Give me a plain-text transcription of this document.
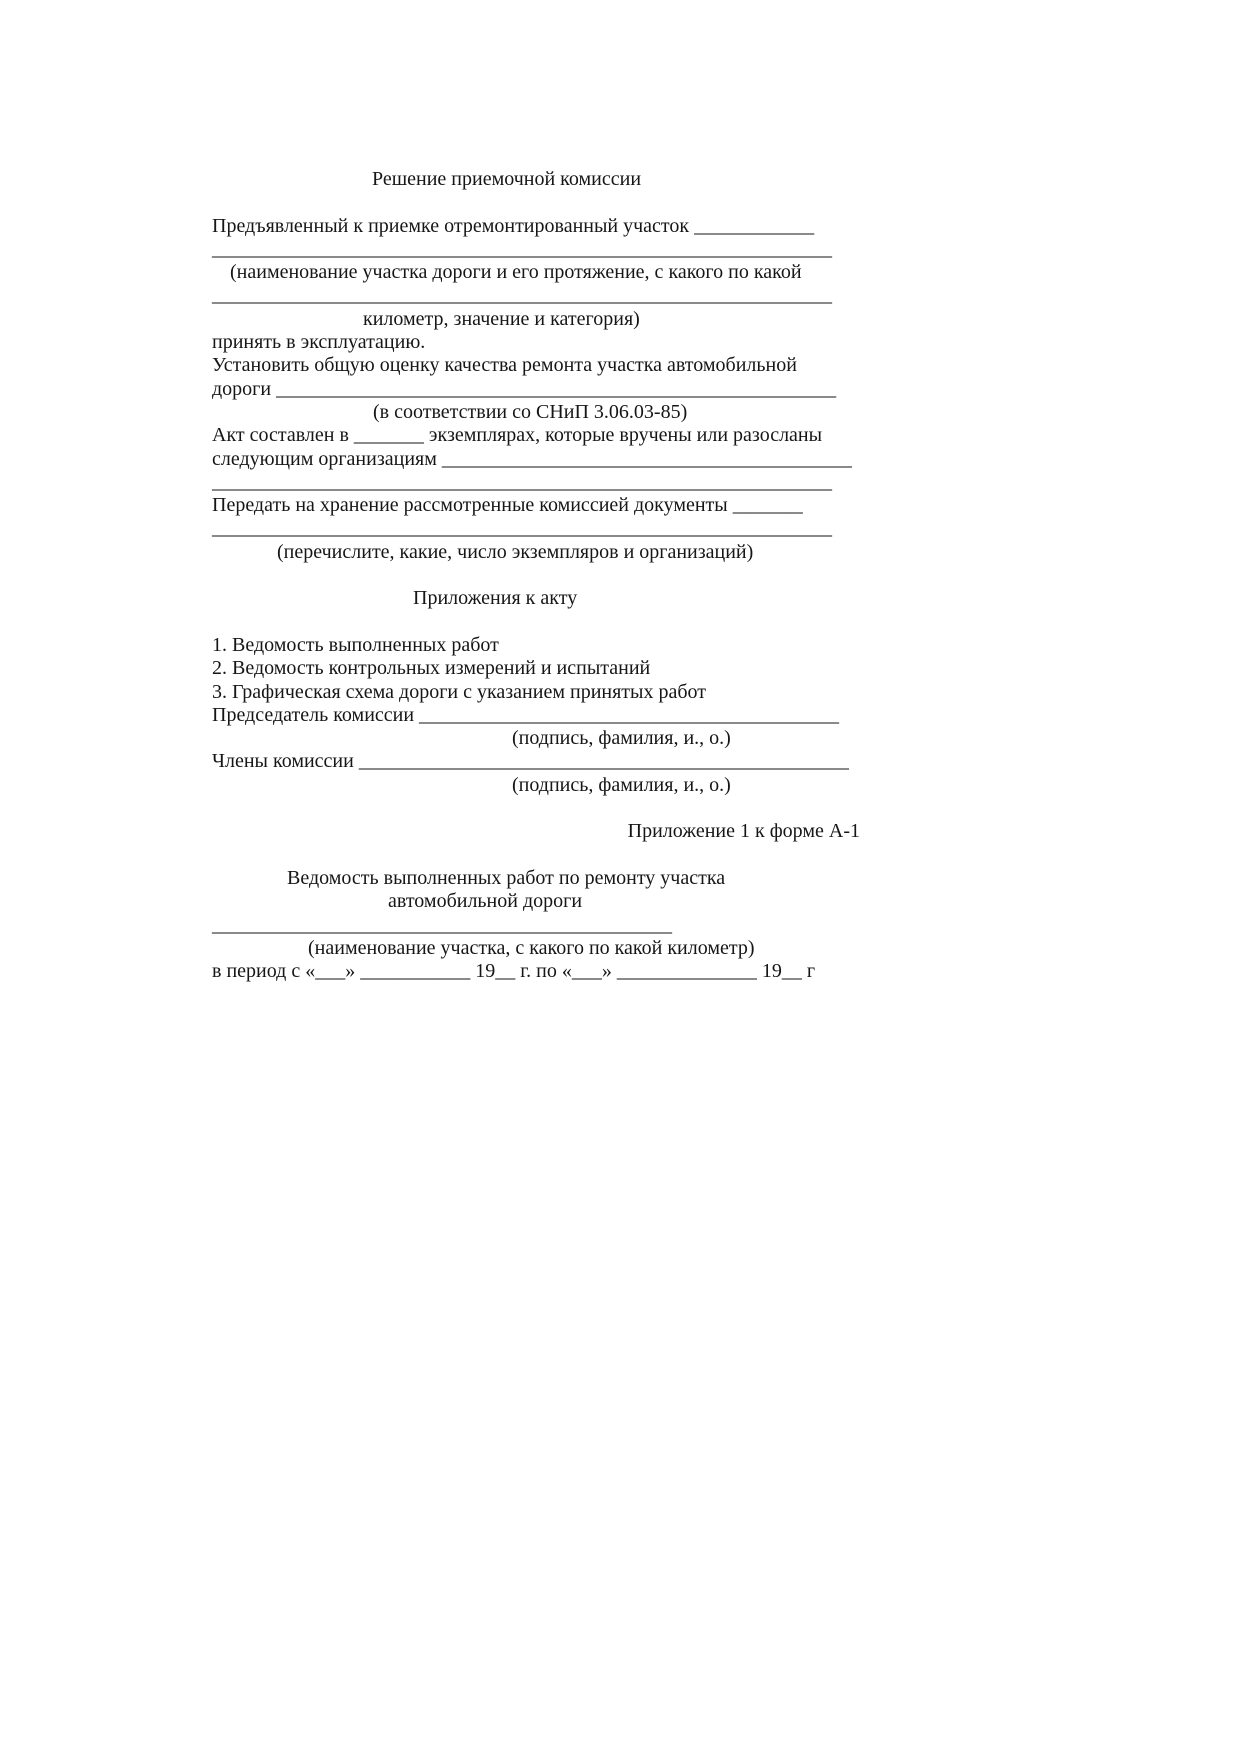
Решение приемочной комиссии
Предъявленный к приемке отремонтированный участок ____________
______________________________________________________________
(наименование участка дороги и его протяжение, с какого по какой
______________________________________________________________
километр, значение и категория)
принять в эксплуатацию.
Установить общую оценку качества ремонта участка автомобильной
дороги ________________________________________________________
(в соответствии со СНиП 3.06.03-85)
Акт составлен в _______ экземплярах, которые вручены или разосланы
следующим организациям _________________________________________
______________________________________________________________
Передать на хранение рассмотренные комиссией документы _______
______________________________________________________________
(перечислите, какие, число экземпляров и организаций)
Приложения к акту
1. Ведомость выполненных работ
2. Ведомость контрольных измерений и испытаний
3. Графическая схема дороги с указанием принятых работ
Председатель комиссии __________________________________________
(подпись, фамилия, и., о.)
Члены комиссии _________________________________________________
(подпись, фамилия, и., о.)
Приложение 1 к форме А-1
Ведомость выполненных работ по ремонту участка
автомобильной дороги
______________________________________________
(наименование участка, с какого по какой километр)
в период с «___» ___________ 19__ г. по «___» ______________ 19__ г
